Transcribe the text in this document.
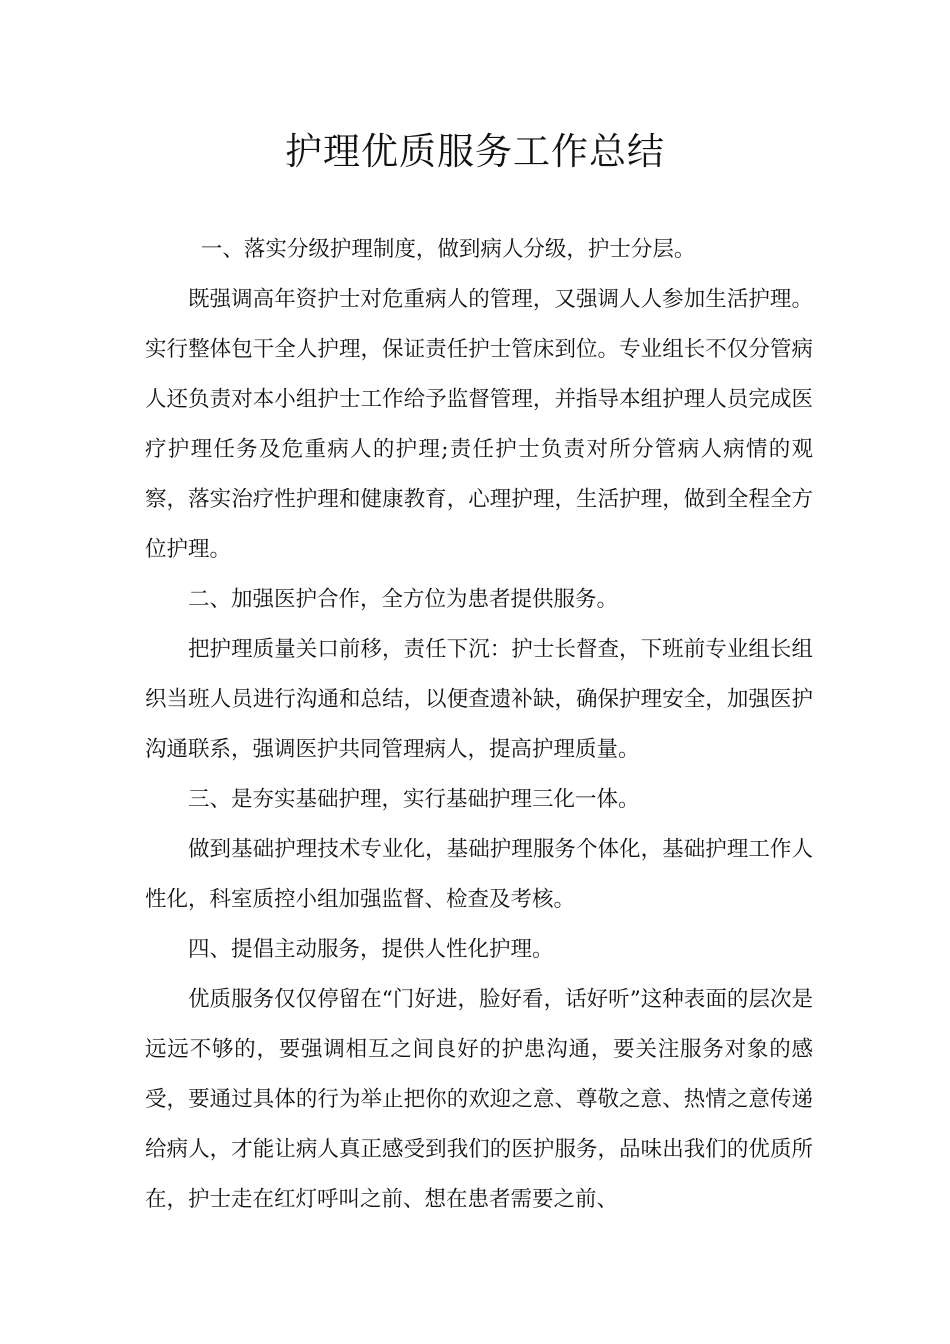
护理优质服务工作总结

一、落实分级护理制度，做到病人分级，护士分层。

既强调高年资护士对危重病人的管理，又强调人人参加生活护理。实行整体包干全人护理，保证责任护士管床到位。专业组长不仅分管病人还负责对本小组护士工作给予监督管理，并指导本组护理人员完成医疗护理任务及危重病人的护理;责任护士负责对所分管病人病情的观察，落实治疗性护理和健康教育，心理护理，生活护理，做到全程全方位护理。

二、加强医护合作，全方位为患者提供服务。

把护理质量关口前移，责任下沉：护士长督查，下班前专业组长组织当班人员进行沟通和总结，以便查遗补缺，确保护理安全，加强医护沟通联系，强调医护共同管理病人，提高护理质量。

三、是夯实基础护理，实行基础护理三化一体。

做到基础护理技术专业化，基础护理服务个体化，基础护理工作人性化，科室质控小组加强监督、检查及考核。

四、提倡主动服务，提供人性化护理。

优质服务仅仅停留在“门好进，脸好看，话好听”这种表面的层次是远远不够的，要强调相互之间良好的护患沟通，要关注服务对象的感受，要通过具体的行为举止把你的欢迎之意、尊敬之意、热情之意传递给病人，才能让病人真正感受到我们的医护服务，品味出我们的优质所在，护士走在红灯呼叫之前、想在患者需要之前、
